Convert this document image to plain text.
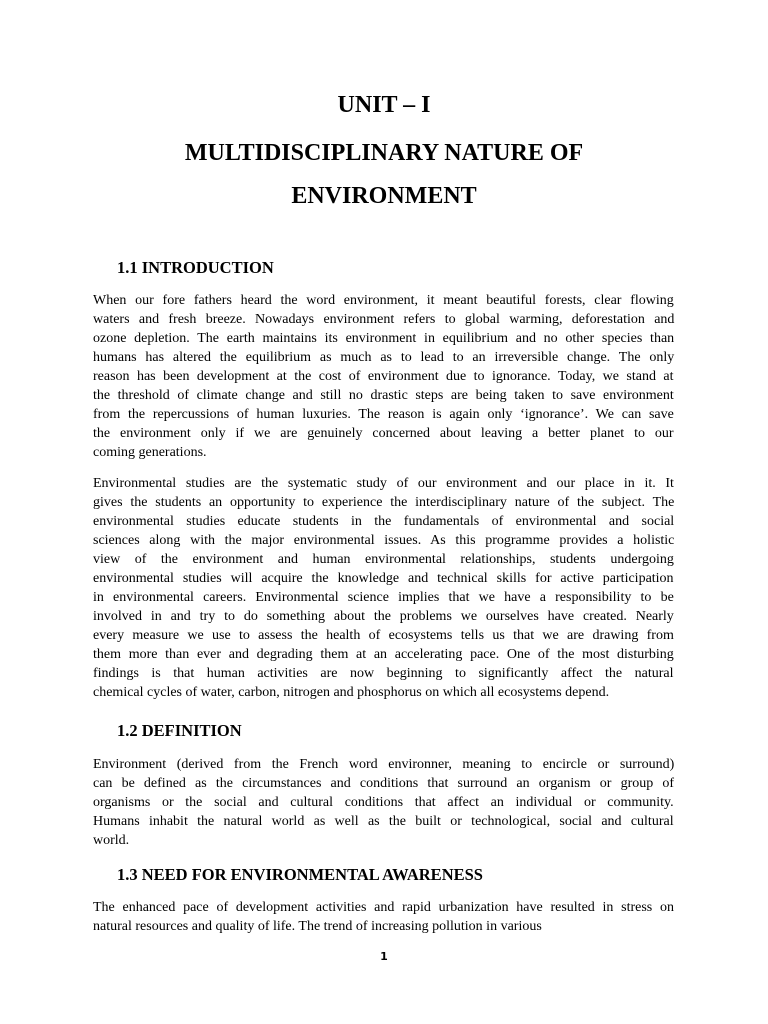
UNIT – I
MULTIDISCIPLINARY NATURE OF
ENVIRONMENT
1.1 INTRODUCTION
When our fore fathers heard the word environment, it meant beautiful forests, clear flowing
waters and fresh breeze. Nowadays environment refers to global warming, deforestation and
ozone depletion. The earth maintains its environment in equilibrium and no other species than
humans has altered the equilibrium as much as to lead to an irreversible change. The only
reason has been development at the cost of environment due to ignorance. Today, we stand at
the threshold of climate change and still no drastic steps are being taken to save environment
from the repercussions of human luxuries. The reason is again only ‘ignorance’. We can save
the environment only if we are genuinely concerned about leaving a better planet to our
coming generations.
Environmental studies are the systematic study of our environment and our place in it. It
gives the students an opportunity to experience the interdisciplinary nature of the subject. The
environmental studies educate students in the fundamentals of environmental and social
sciences along with the major environmental issues. As this programme provides a holistic
view of the environment and human environmental relationships, students undergoing
environmental studies will acquire the knowledge and technical skills for active participation
in environmental careers. Environmental science implies that we have a responsibility to be
involved in and try to do something about the problems we ourselves have created. Nearly
every measure we use to assess the health of ecosystems tells us that we are drawing from
them more than ever and degrading them at an accelerating pace. One of the most disturbing
findings is that human activities are now beginning to significantly affect the natural
chemical cycles of water, carbon, nitrogen and phosphorus on which all ecosystems depend.
1.2 DEFINITION
Environment (derived from the French word environner, meaning to encircle or surround)
can be defined as the circumstances and conditions that surround an organism or group of
organisms or the social and cultural conditions that affect an individual or community.
Humans inhabit the natural world as well as the built or technological, social and cultural
world.
1.3 NEED FOR ENVIRONMENTAL AWARENESS
The enhanced pace of development activities and rapid urbanization have resulted in stress on
natural resources and quality of life. The trend of increasing pollution in various
1
